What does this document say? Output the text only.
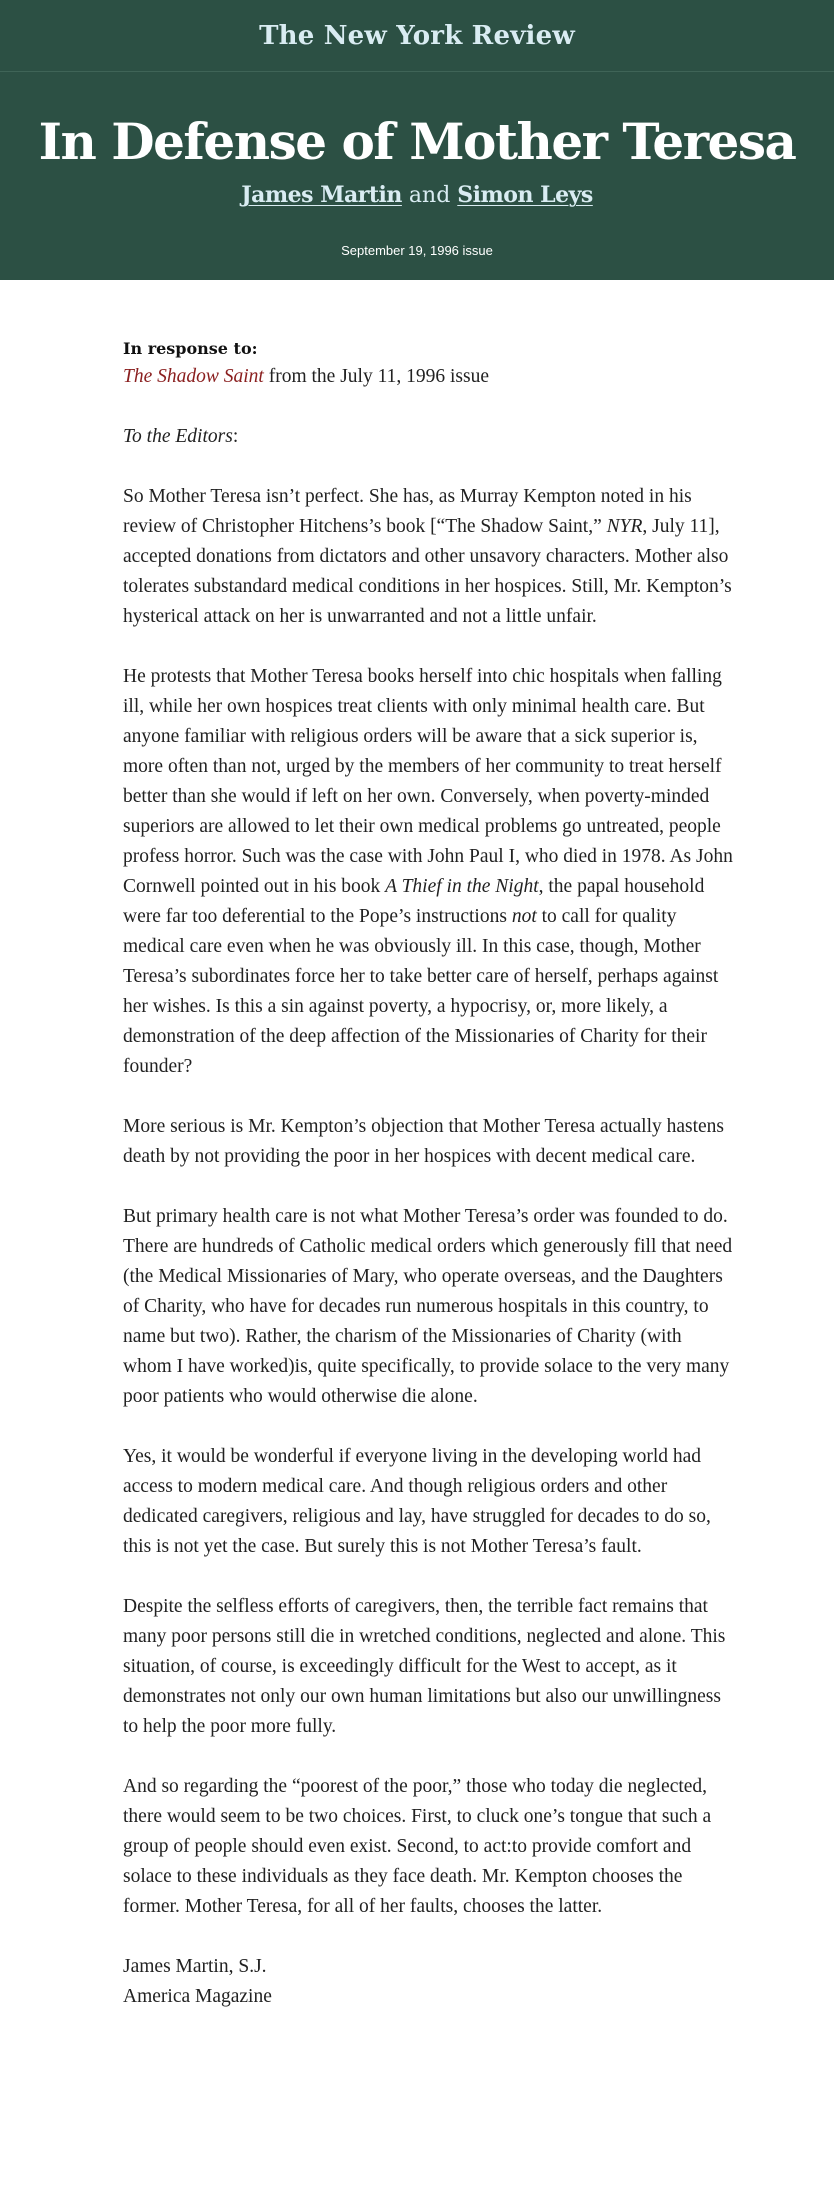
The New York Review
In Defense of Mother Teresa
James Martin and Simon Leys
September 19, 1996 issue
In response to:
The Shadow Saint from the July 11, 1996 issue

To the Editors:

So Mother Teresa isn’t perfect. She has, as Murray Kempton noted in his review of Christopher Hitchens’s book [“The Shadow Saint,” NYR, July 11], accepted donations from dictators and other unsavory characters. Mother also tolerates substandard medical conditions in her hospices. Still, Mr. Kempton’s hysterical attack on her is unwarranted and not a little unfair.

He protests that Mother Teresa books herself into chic hospitals when falling ill, while her own hospices treat clients with only minimal health care. But anyone familiar with religious orders will be aware that a sick superior is, more often than not, urged by the members of her community to treat herself better than she would if left on her own. Conversely, when poverty-minded superiors are allowed to let their own medical problems go untreated, people profess horror. Such was the case with John Paul I, who died in 1978. As John Cornwell pointed out in his book A Thief in the Night, the papal household were far too deferential to the Pope’s instructions not to call for quality medical care even when he was obviously ill. In this case, though, Mother Teresa’s subordinates force her to take better care of herself, perhaps against her wishes. Is this a sin against poverty, a hypocrisy, or, more likely, a demonstration of the deep affection of the Missionaries of Charity for their founder?

More serious is Mr. Kempton’s objection that Mother Teresa actually hastens death by not providing the poor in her hospices with decent medical care.

But primary health care is not what Mother Teresa’s order was founded to do. There are hundreds of Catholic medical orders which generously fill that need (the Medical Missionaries of Mary, who operate overseas, and the Daughters of Charity, who have for decades run numerous hospitals in this country, to name but two). Rather, the charism of the Missionaries of Charity (with whom I have worked)is, quite specifically, to provide solace to the very many poor patients who would otherwise die alone.

Yes, it would be wonderful if everyone living in the developing world had access to modern medical care. And though religious orders and other dedicated caregivers, religious and lay, have struggled for decades to do so, this is not yet the case. But surely this is not Mother Teresa’s fault.

Despite the selfless efforts of caregivers, then, the terrible fact remains that many poor persons still die in wretched conditions, neglected and alone. This situation, of course, is exceedingly difficult for the West to accept, as it demonstrates not only our own human limitations but also our unwillingness to help the poor more fully.

And so regarding the “poorest of the poor,” those who today die neglected, there would seem to be two choices. First, to cluck one’s tongue that such a group of people should even exist. Second, to act:to provide comfort and solace to these individuals as they face death. Mr. Kempton chooses the former. Mother Teresa, for all of her faults, chooses the latter.

James Martin, S.J.

America Magazine
